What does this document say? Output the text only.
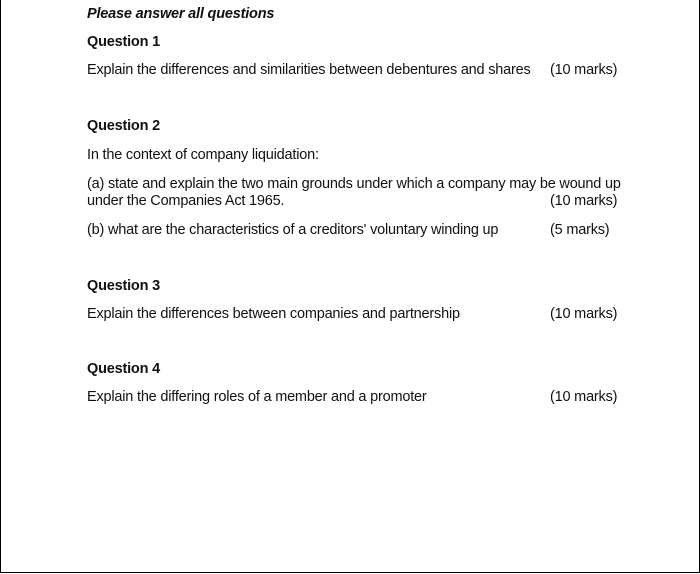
Please answer all questions
Question 1
Explain the differences and similarities between debentures and shares (10 marks)
Question 2
In the context of company liquidation:
(a) state and explain the two main grounds under which a company may be wound up
under the Companies Act 1965.	(10 marks)
(b) what are the characteristics of a creditors' voluntary winding up	(5 marks)
Question 3
Explain the differences between companies and partnership	(10 marks)
Question 4
Explain the differing roles of a member and a promoter	(10 marks)
